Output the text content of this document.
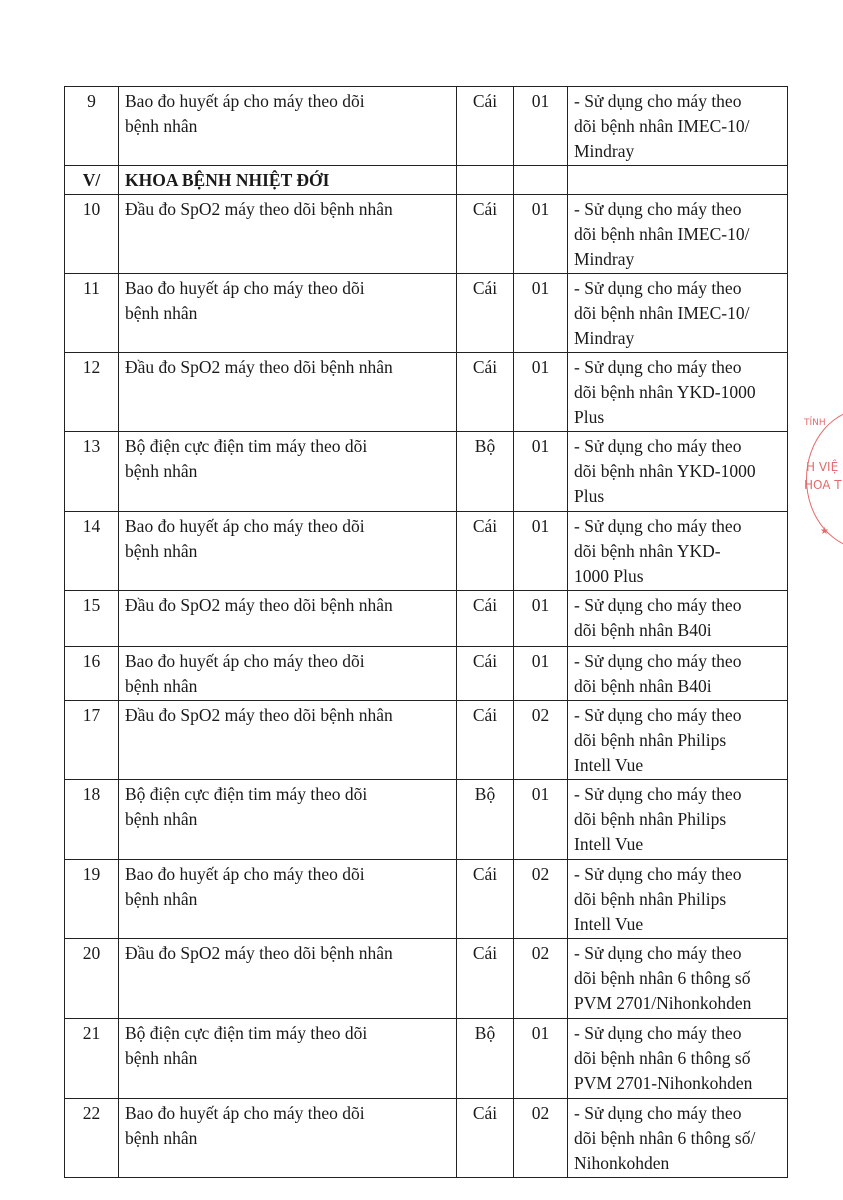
9	Bao đo huyết áp cho máy theo dõi
bệnh nhân	Cái	01	- Sử dụng cho máy theo
dõi bệnh nhân IMEC-10/
Mindray

V/	KHOA BỆNH NHIỆT ĐỚI			

10	Đầu đo SpO2 máy theo dõi bệnh nhân	Cái	01	- Sử dụng cho máy theo
dõi bệnh nhân IMEC-10/
Mindray

11	Bao đo huyết áp cho máy theo dõi
bệnh nhân	Cái	01	- Sử dụng cho máy theo
dõi bệnh nhân IMEC-10/
Mindray

12	Đầu đo SpO2 máy theo dõi bệnh nhân	Cái	01	- Sử dụng cho máy theo
dõi bệnh nhân YKD-1000
Plus

13	Bộ điện cực điện tim máy theo dõi
bệnh nhân	Bộ	01	- Sử dụng cho máy theo
dõi bệnh nhân YKD-1000
Plus

14	Bao đo huyết áp cho máy theo dõi
bệnh nhân	Cái	01	- Sử dụng cho máy theo
dõi bệnh nhân YKD-
1000 Plus

15	Đầu đo SpO2 máy theo dõi bệnh nhân	Cái	01	- Sử dụng cho máy theo
dõi bệnh nhân B40i

16	Bao đo huyết áp cho máy theo dõi
bệnh nhân	Cái	01	- Sử dụng cho máy theo
dõi bệnh nhân B40i

17	Đầu đo SpO2 máy theo dõi bệnh nhân	Cái	02	- Sử dụng cho máy theo
dõi bệnh nhân Philips
Intell Vue

18	Bộ điện cực điện tim máy theo dõi
bệnh nhân	Bộ	01	- Sử dụng cho máy theo
dõi bệnh nhân Philips
Intell Vue

19	Bao đo huyết áp cho máy theo dõi
bệnh nhân	Cái	02	- Sử dụng cho máy theo
dõi bệnh nhân Philips
Intell Vue

20	Đầu đo SpO2 máy theo dõi bệnh nhân	Cái	02	- Sử dụng cho máy theo
dõi bệnh nhân 6 thông số
PVM 2701/Nihonkohden

21	Bộ điện cực điện tim máy theo dõi
bệnh nhân	Bộ	01	- Sử dụng cho máy theo
dõi bệnh nhân 6 thông số
PVM 2701-Nihonkohden

22	Bao đo huyết áp cho máy theo dõi
bệnh nhân	Cái	02	- Sử dụng cho máy theo
dõi bệnh nhân 6 thông số/
Nihonkohden
TỈNH
H VIỆ
HOA T
★
